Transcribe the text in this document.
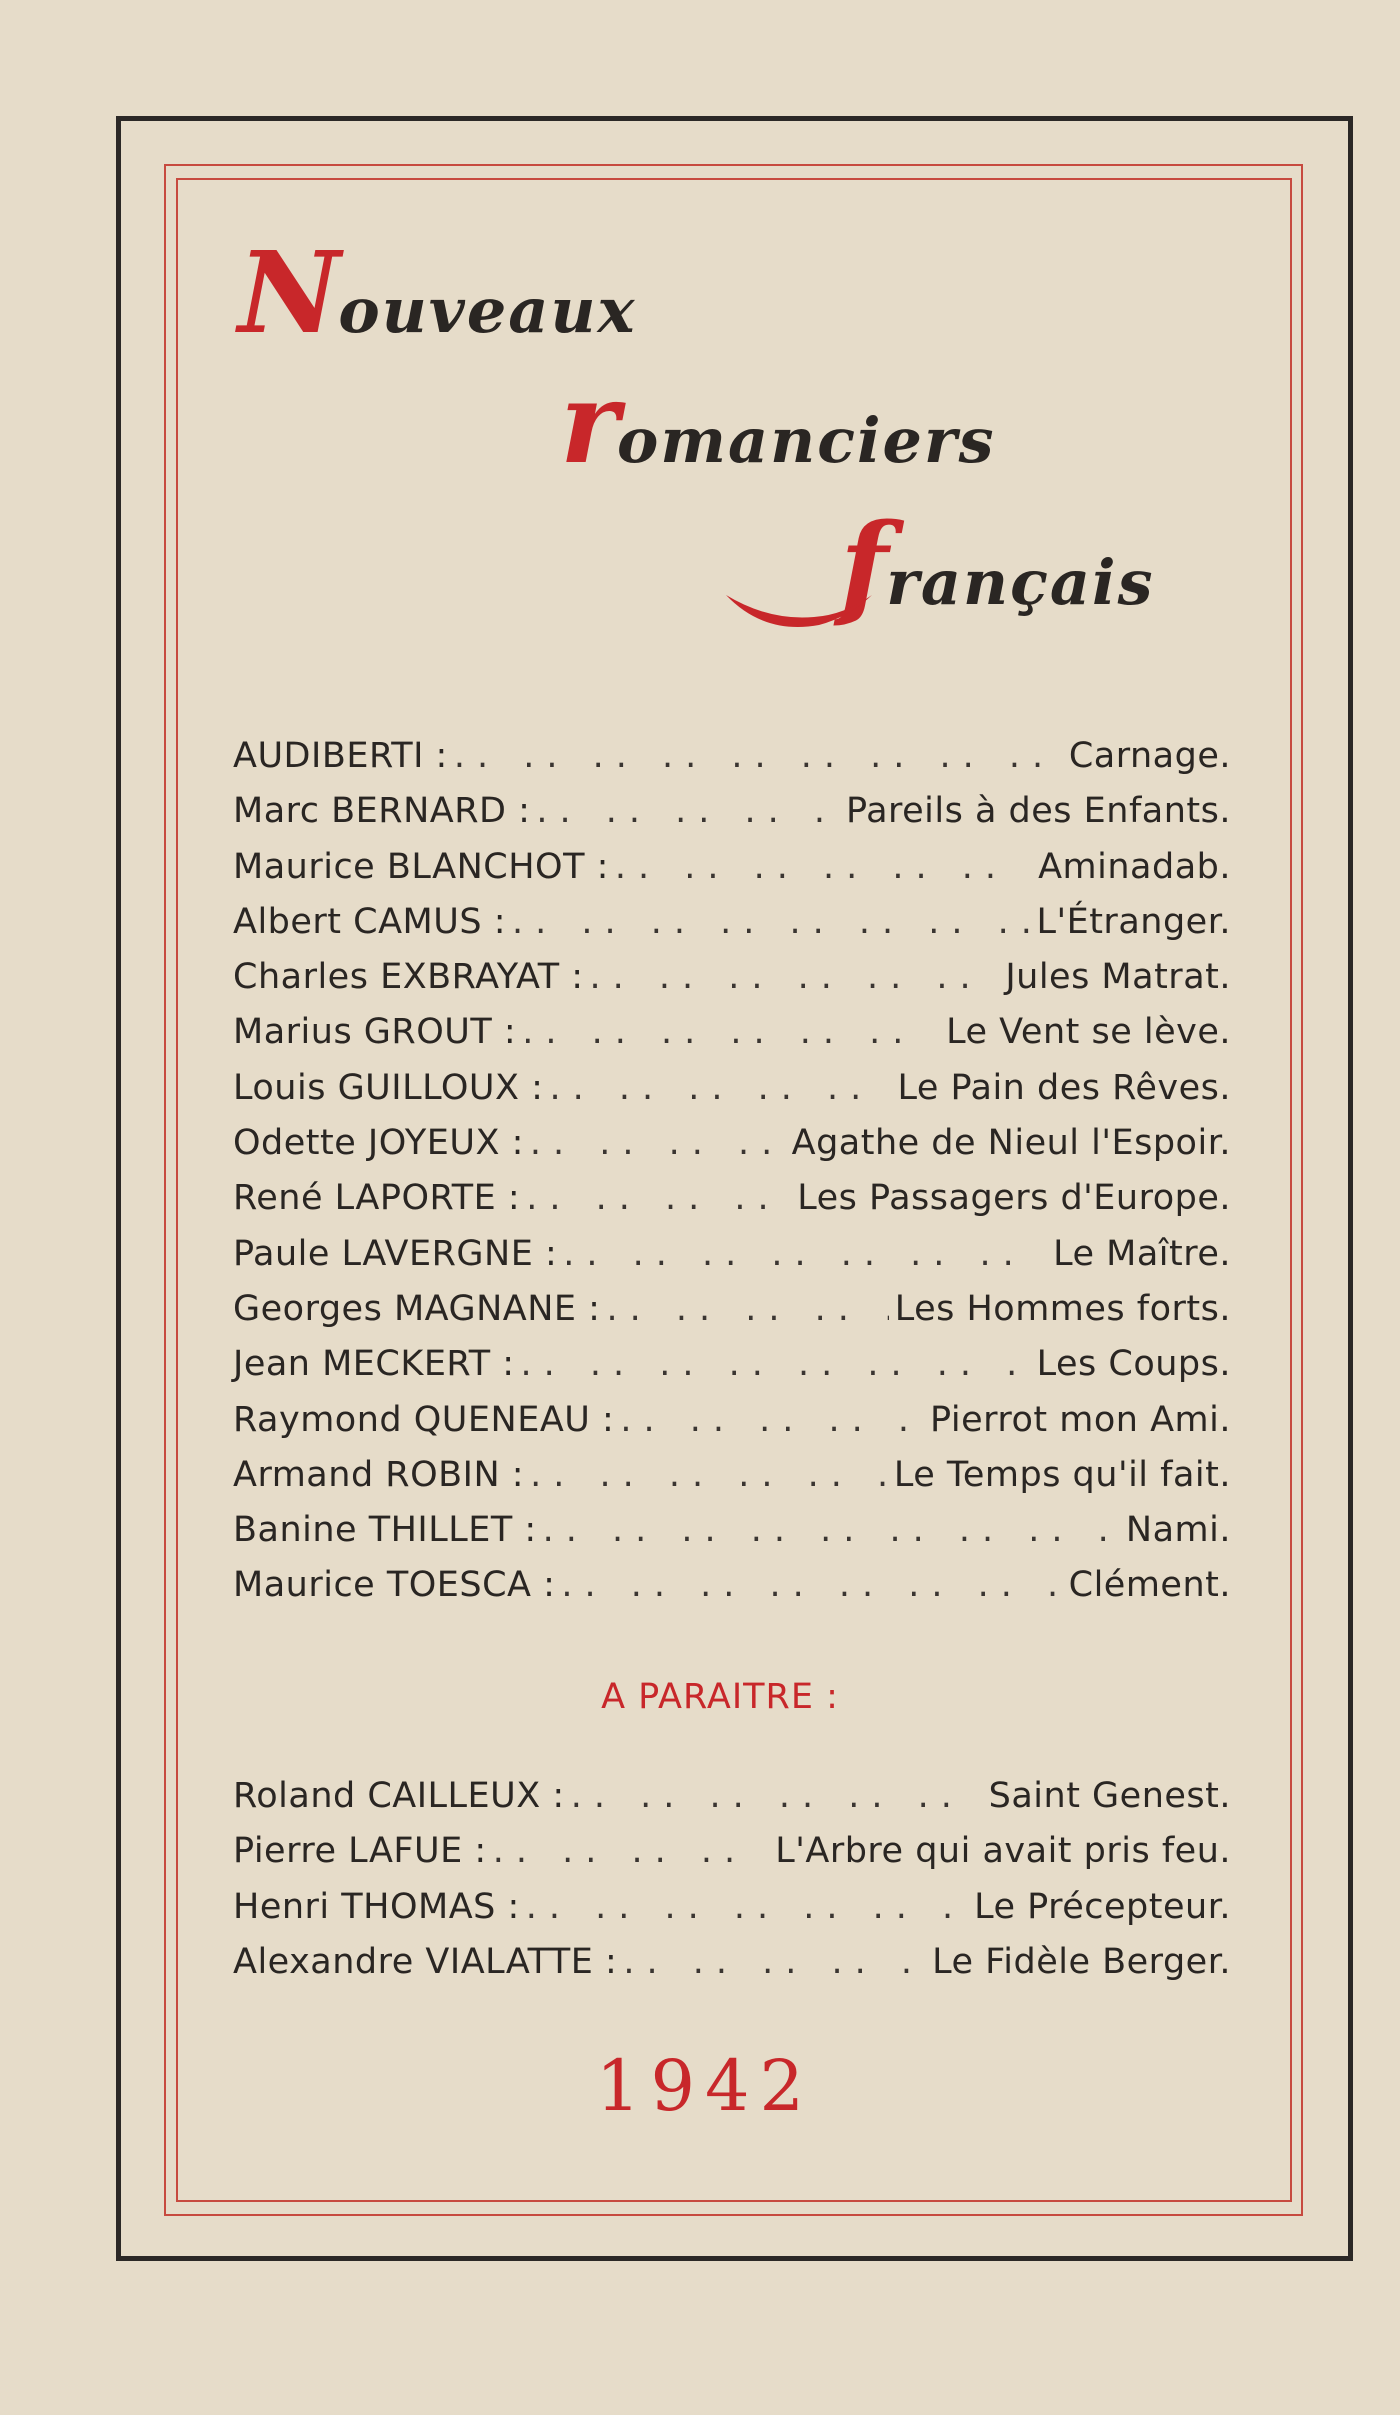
Nouveaux
romanciers
français
AUDIBERTI : .. ..	Carnage.
Marc BERNARD : .. ..	Pareils à des Enfants.
Maurice BLANCHOT : .. ..	Aminadab.
Albert CAMUS : .. ..	L'Étranger.
Charles EXBRAYAT : .. ..	Jules Matrat.
Marius GROUT : .. ..	Le Vent se lève.
Louis GUILLOUX : .. ..	Le Pain des Rêves.
Odette JOYEUX : .. ..	Agathe de Nieul l'Espoir.
René LAPORTE : .. ..	Les Passagers d'Europe.
Paule LAVERGNE : .. ..	Le Maître.
Georges MAGNANE : .. ..	Les Hommes forts.
Jean MECKERT : .. ..	Les Coups.
Raymond QUENEAU : .. ..	Pierrot mon Ami.
Armand ROBIN : .. ..	Le Temps qu'il fait.
Banine THILLET : .. ..	Nami.
Maurice TOESCA : .. ..	Clément.
A PARAITRE :
Roland CAILLEUX : .. ..	Saint Genest.
Pierre LAFUE : .. ..	L'Arbre qui avait pris feu.
Henri THOMAS : .. ..	Le Précepteur.
Alexandre VIALATTE : .. ..	Le Fidèle Berger.
1942
